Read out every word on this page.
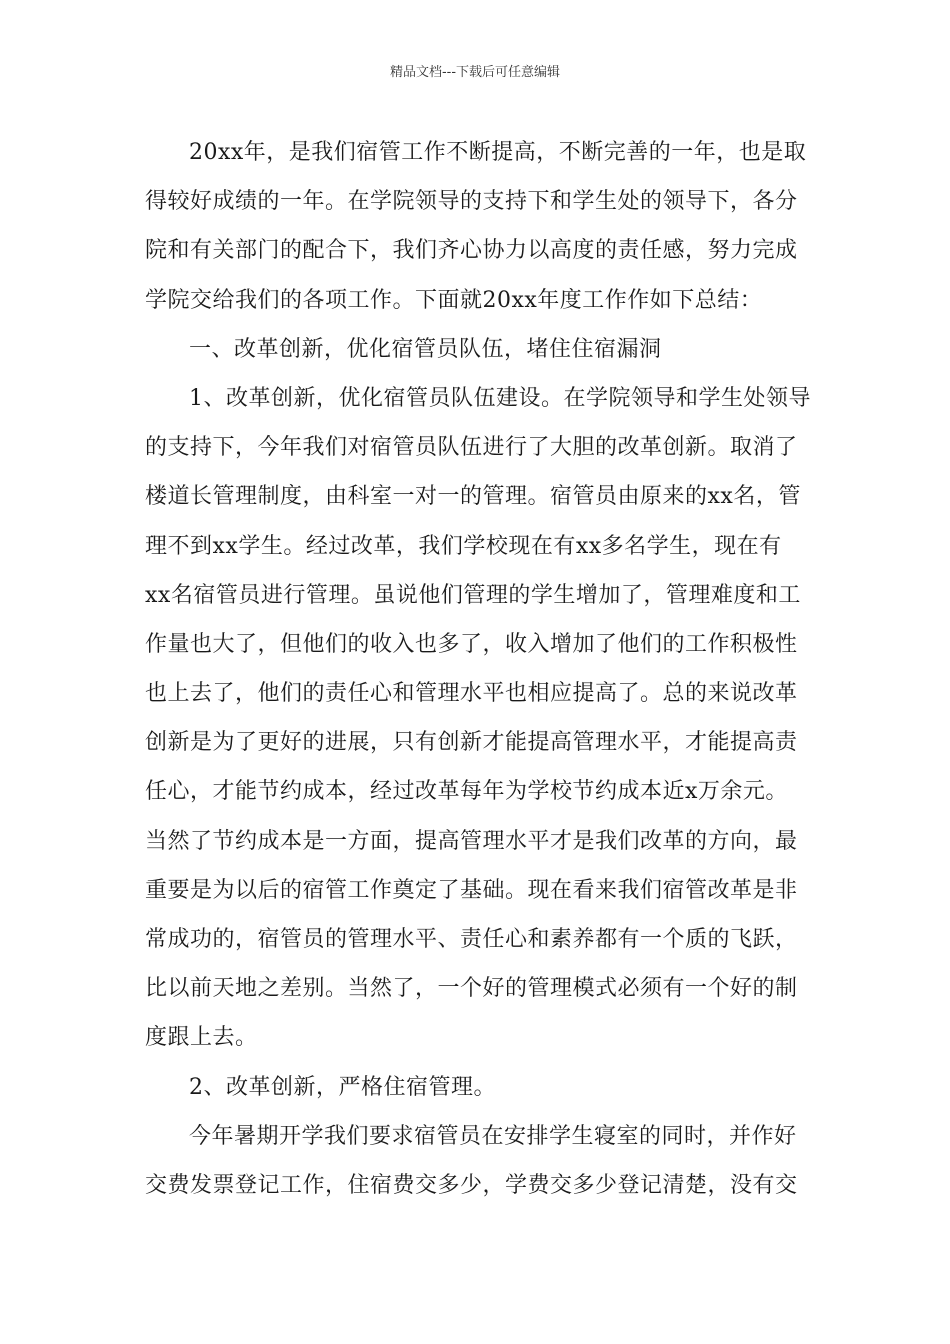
精品文档---下载后可任意编辑
20xx年，是我们宿管工作不断提高，不断完善的一年，也是取
得较好成绩的一年。在学院领导的支持下和学生处的领导下，各分
院和有关部门的配合下，我们齐心协力以高度的责任感，努力完成
学院交给我们的各项工作。下面就20xx年度工作作如下总结：
一、改革创新，优化宿管员队伍，堵住住宿漏洞
1、改革创新，优化宿管员队伍建设。在学院领导和学生处领导
的支持下，今年我们对宿管员队伍进行了大胆的改革创新。取消了
楼道长管理制度，由科室一对一的管理。宿管员由原来的xx名，管
理不到xx学生。经过改革，我们学校现在有xx多名学生，现在有
xx名宿管员进行管理。虽说他们管理的学生增加了，管理难度和工
作量也大了，但他们的收入也多了，收入增加了他们的工作积极性
也上去了，他们的责任心和管理水平也相应提高了。总的来说改革
创新是为了更好的进展，只有创新才能提高管理水平，才能提高责
任心，才能节约成本，经过改革每年为学校节约成本近x万余元。
当然了节约成本是一方面，提高管理水平才是我们改革的方向，最
重要是为以后的宿管工作奠定了基础。现在看来我们宿管改革是非
常成功的，宿管员的管理水平、责任心和素养都有一个质的飞跃，
比以前天地之差别。当然了，一个好的管理模式必须有一个好的制
度跟上去。
2、改革创新，严格住宿管理。
今年暑期开学我们要求宿管员在安排学生寝室的同时，并作好
交费发票登记工作，住宿费交多少，学费交多少登记清楚，没有交
